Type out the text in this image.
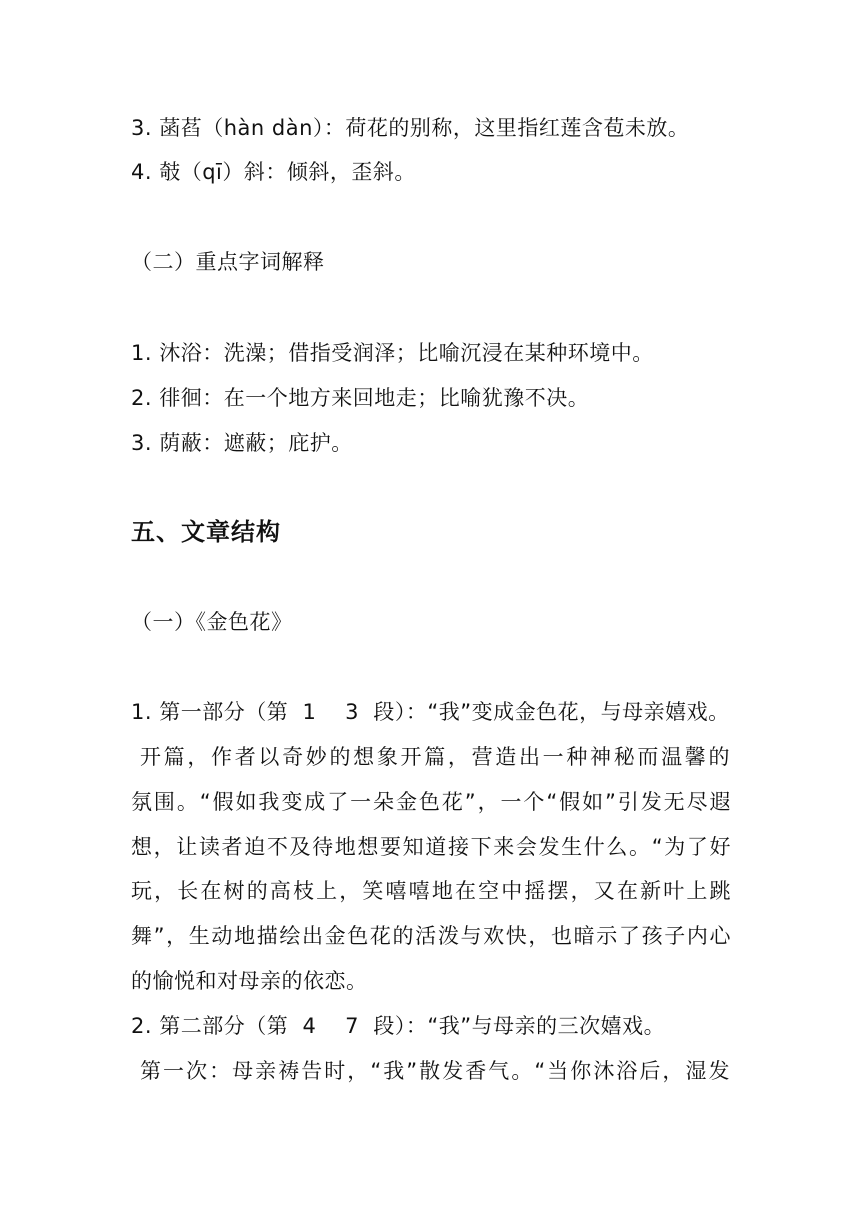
3. 菡萏（hàn dàn）：荷花的别称，这里指红莲含苞未放。
4. 攲（qī）斜：倾斜，歪斜。
（二）重点字词解释
1. 沐浴：洗澡；借指受润泽；比喻沉浸在某种环境中。
2. 徘徊：在一个地方来回地走；比喻犹豫不决。
3. 荫蔽：遮蔽；庇护。
五、文章结构
（一）《金色花》
1. 第一部分（第  1    3  段）：“我”变成金色花，与母亲嬉戏。
开篇，作者以奇妙的想象开篇，营造出一种神秘而温馨的
氛围。“假如我变成了一朵金色花”，一个“假如”引发无尽遐
想，让读者迫不及待地想要知道接下来会发生什么。“为了好
玩，长在树的高枝上，笑嘻嘻地在空中摇摆，又在新叶上跳
舞”，生动地描绘出金色花的活泼与欢快，也暗示了孩子内心
的愉悦和对母亲的依恋。
2. 第二部分（第  4    7  段）：“我”与母亲的三次嬉戏。
第一次：母亲祷告时，“我”散发香气。“当你沐浴后，湿发
